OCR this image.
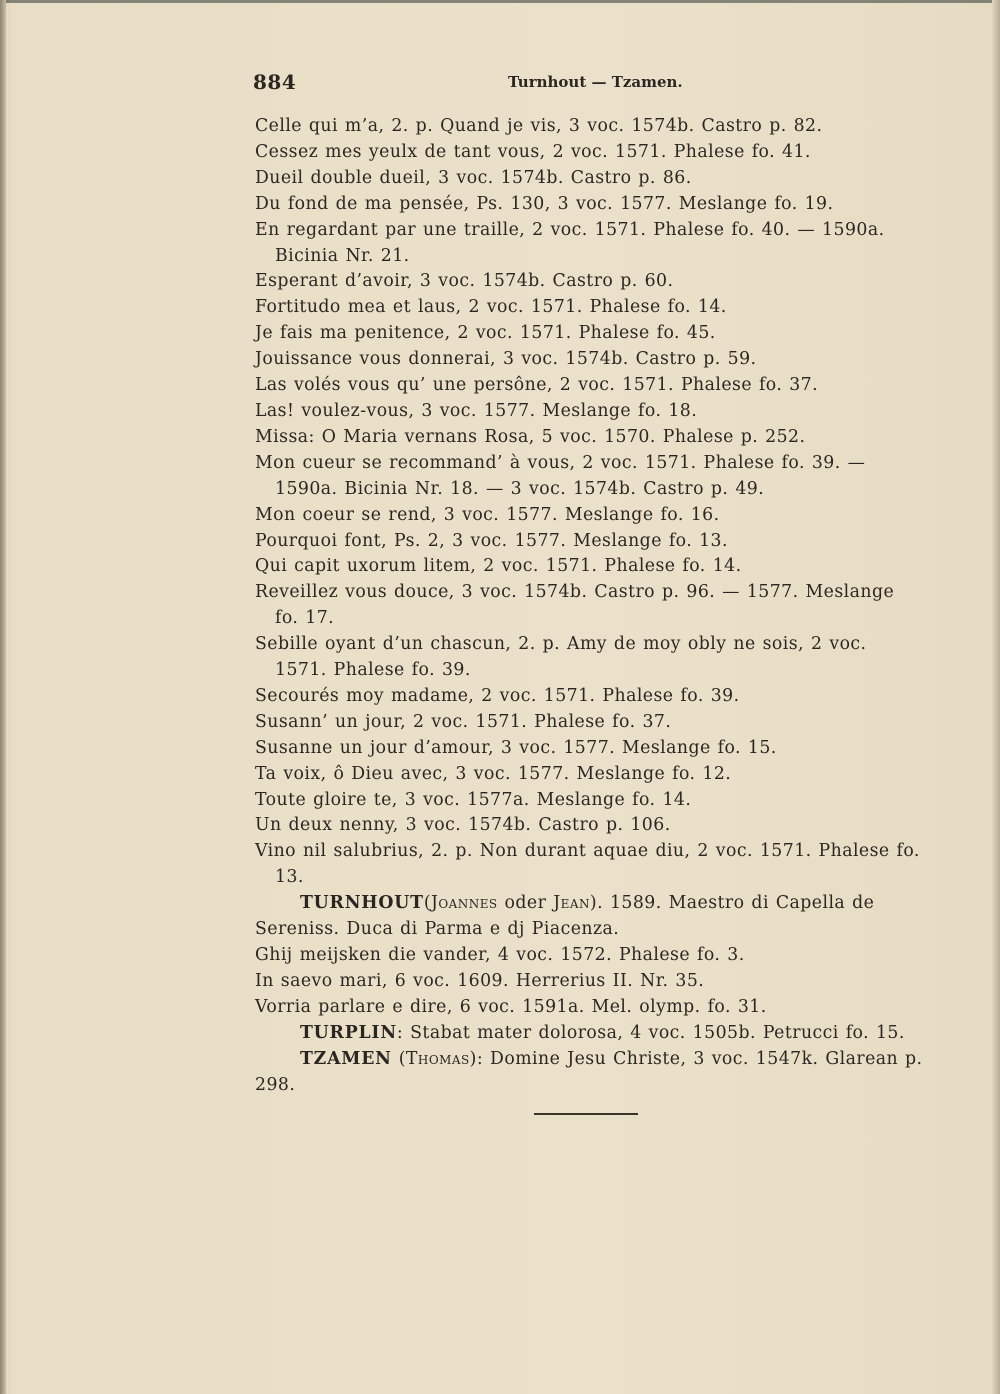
884	Turnhout — Tzamen.

Celle qui m’a, 2. p. Quand je vis, 3 voc. 1574b. Castro p. 82.

Cessez mes yeulx de tant vous, 2 voc. 1571. Phalese fo. 41.

Dueil double dueil, 3 voc. 1574b. Castro p. 86.

Du fond de ma pensée, Ps. 130, 3 voc. 1577. Meslange fo. 19.

En regardant par une traille, 2 voc. 1571. Phalese fo. 40. — 1590a. Bicinia Nr. 21.

Esperant d’avoir, 3 voc. 1574b. Castro p. 60.

Fortitudo mea et laus, 2 voc. 1571. Phalese fo. 14.

Je fais ma penitence, 2 voc. 1571. Phalese fo. 45.

Jouissance vous donnerai, 3 voc. 1574b. Castro p. 59.

Las volés vous qu’ une persône, 2 voc. 1571. Phalese fo. 37.

Las! voulez-vous, 3 voc. 1577. Meslange fo. 18.

Missa: O Maria vernans Rosa, 5 voc. 1570. Phalese p. 252.

Mon cueur se recommand’ à vous, 2 voc. 1571. Phalese fo. 39. — 1590a. Bicinia Nr. 18. — 3 voc. 1574b. Castro p. 49.

Mon coeur se rend, 3 voc. 1577. Meslange fo. 16.

Pourquoi font, Ps. 2, 3 voc. 1577. Meslange fo. 13.

Qui capit uxorum litem, 2 voc. 1571. Phalese fo. 14.

Reveillez vous douce, 3 voc. 1574b. Castro p. 96. — 1577. Meslange fo. 17.

Sebille oyant d’un chascun, 2. p. Amy de moy obly ne sois, 2 voc. 1571. Phalese fo. 39.

Secourés moy madame, 2 voc. 1571. Phalese fo. 39.

Susann’ un jour, 2 voc. 1571. Phalese fo. 37.

Susanne un jour d’amour, 3 voc. 1577. Meslange fo. 15.

Ta voix, ô Dieu avec, 3 voc. 1577. Meslange fo. 12.

Toute gloire te, 3 voc. 1577a. Meslange fo. 14.

Un deux nenny, 3 voc. 1574b. Castro p. 106.

Vino nil salubrius, 2. p. Non durant aquae diu, 2 voc. 1571. Phalese fo. 13.

TURNHOUT(Joannes oder Jean). 1589. Maestro di Capella de Sereniss. Duca di Parma e dj Piacenza.

Ghij meijsken die vander, 4 voc. 1572. Phalese fo. 3.

In saevo mari, 6 voc. 1609. Herrerius II. Nr. 35.

Vorria parlare e dire, 6 voc. 1591a. Mel. olymp. fo. 31.

TURPLIN: Stabat mater dolorosa, 4 voc. 1505b. Petrucci fo. 15.

TZAMEN (Thomas): Domine Jesu Christe, 3 voc. 1547k. Glarean p. 298.
